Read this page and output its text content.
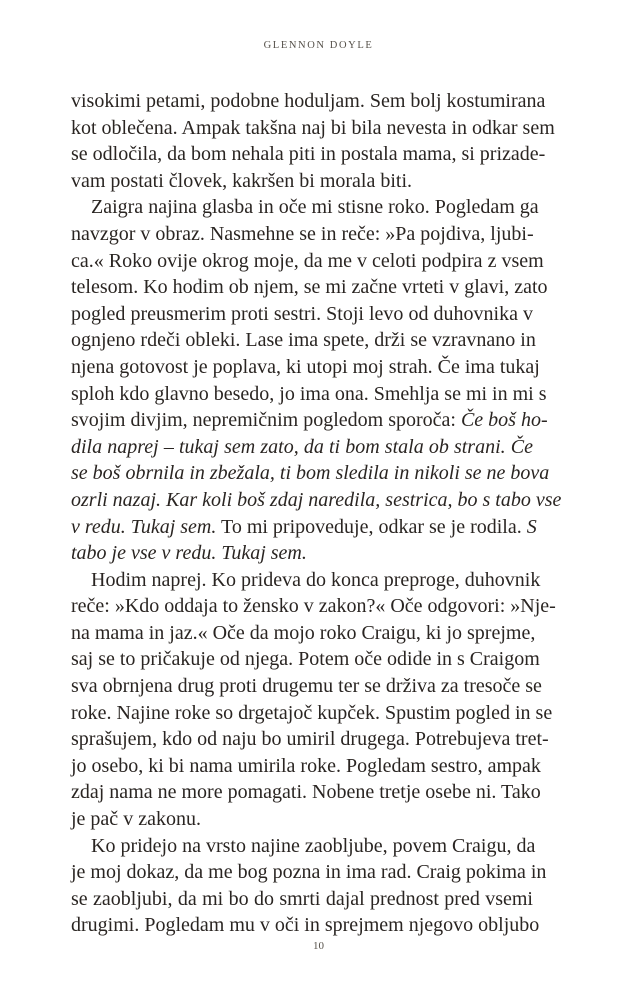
GLENNON DOYLE
visokimi petami, podobne hoduljam. Sem bolj kostumirana
kot oblečena. Ampak takšna naj bi bila nevesta in odkar sem
se odločila, da bom nehala piti in postala mama, si prizade-
vam postati človek, kakršen bi morala biti.
Zaigra najina glasba in oče mi stisne roko. Pogledam ga
navzgor v obraz. Nasmehne se in reče: »Pa pojdiva, ljubi-
ca.« Roko ovije okrog moje, da me v celoti podpira z vsem
telesom. Ko hodim ob njem, se mi začne vrteti v glavi, zato
pogled preusmerim proti sestri. Stoji levo od duhovnika v
ognjeno rdeči obleki. Lase ima spete, drži se vzravnano in
njena gotovost je poplava, ki utopi moj strah. Če ima tukaj
sploh kdo glavno besedo, jo ima ona. Smehlja se mi in mi s
svojim divjim, nepremičnim pogledom sporoča: Če boš ho-
dila naprej – tukaj sem zato, da ti bom stala ob strani. Če
se boš obrnila in zbežala, ti bom sledila in nikoli se ne bova
ozrli nazaj. Kar koli boš zdaj naredila, sestrica, bo s tabo vse
v redu. Tukaj sem. To mi pripoveduje, odkar se je rodila. S
tabo je vse v redu. Tukaj sem.
Hodim naprej. Ko prideva do konca preproge, duhovnik
reče: »Kdo oddaja to žensko v zakon?« Oče odgovori: »Nje-
na mama in jaz.« Oče da mojo roko Craigu, ki jo sprejme,
saj se to pričakuje od njega. Potem oče odide in s Craigom
sva obrnjena drug proti drugemu ter se drživa za tresoče se
roke. Najine roke so drgetajoč kupček. Spustim pogled in se
sprašujem, kdo od naju bo umiril drugega. Potrebujeva tret-
jo osebo, ki bi nama umirila roke. Pogledam sestro, ampak
zdaj nama ne more pomagati. Nobene tretje osebe ni. Tako
je pač v zakonu.
Ko pridejo na vrsto najine zaobljube, povem Craigu, da
je moj dokaz, da me bog pozna in ima rad. Craig pokima in
se zaobljubi, da mi bo do smrti dajal prednost pred vsemi
drugimi. Pogledam mu v oči in sprejmem njegovo obljubo
10
